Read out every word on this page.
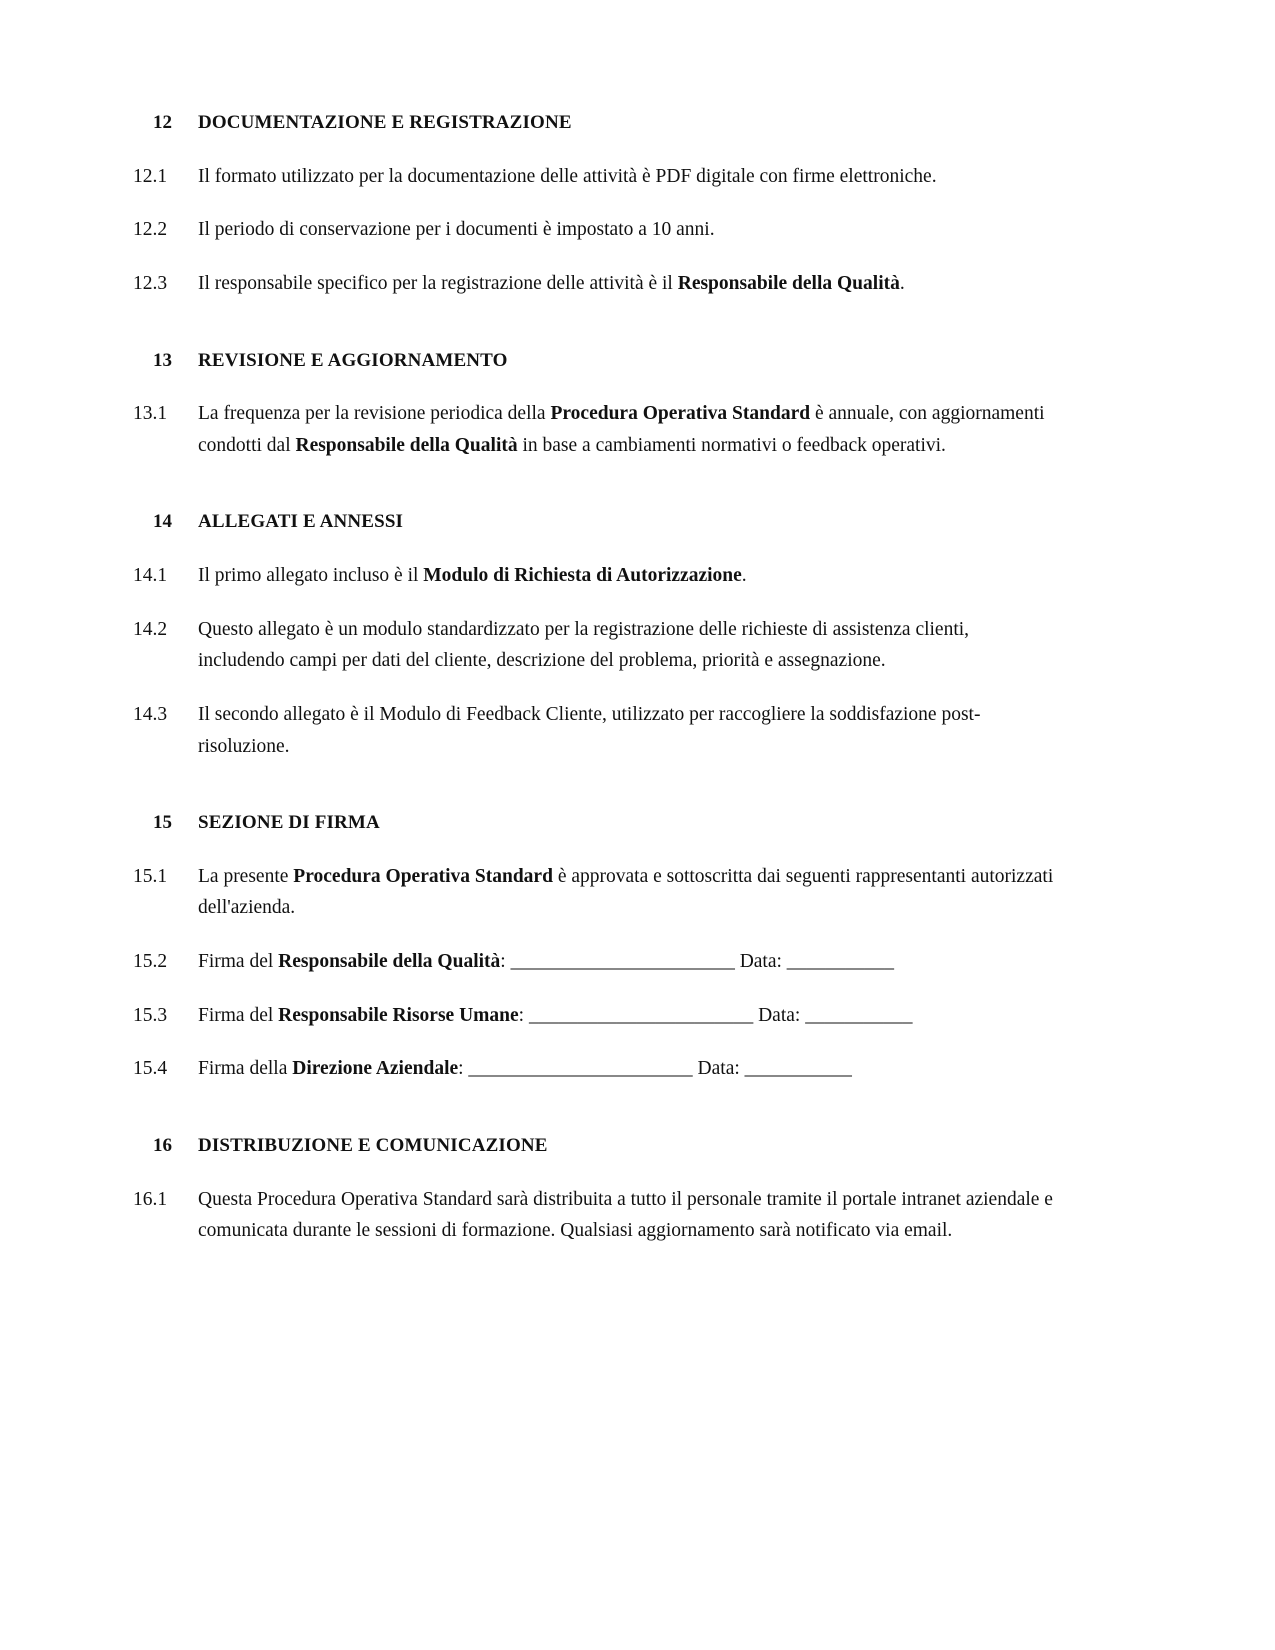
12	DOCUMENTAZIONE E REGISTRAZIONE
12.1	Il formato utilizzato per la documentazione delle attività è PDF digitale con firme elettroniche.
12.2	Il periodo di conservazione per i documenti è impostato a 10 anni.
12.3	Il responsabile specifico per la registrazione delle attività è il Responsabile della Qualità.
13	REVISIONE E AGGIORNAMENTO
13.1	La frequenza per la revisione periodica della Procedura Operativa Standard è annuale, con aggiornamenti condotti dal Responsabile della Qualità in base a cambiamenti normativi o feedback operativi.
14	ALLEGATI E ANNESSI
14.1	Il primo allegato incluso è il Modulo di Richiesta di Autorizzazione.
14.2	Questo allegato è un modulo standardizzato per la registrazione delle richieste di assistenza clienti, includendo campi per dati del cliente, descrizione del problema, priorità e assegnazione.
14.3	Il secondo allegato è il Modulo di Feedback Cliente, utilizzato per raccogliere la soddisfazione post-risoluzione.
15	SEZIONE DI FIRMA
15.1	La presente Procedura Operativa Standard è approvata e sottoscritta dai seguenti rappresentanti autorizzati dell'azienda.
15.2	Firma del Responsabile della Qualità: _______________________ Data: ___________
15.3	Firma del Responsabile Risorse Umane: _______________________ Data: ___________
15.4	Firma della Direzione Aziendale: _______________________ Data: ___________
16	DISTRIBUZIONE E COMUNICAZIONE
16.1	Questa Procedura Operativa Standard sarà distribuita a tutto il personale tramite il portale intranet aziendale e comunicata durante le sessioni di formazione. Qualsiasi aggiornamento sarà notificato via email.
